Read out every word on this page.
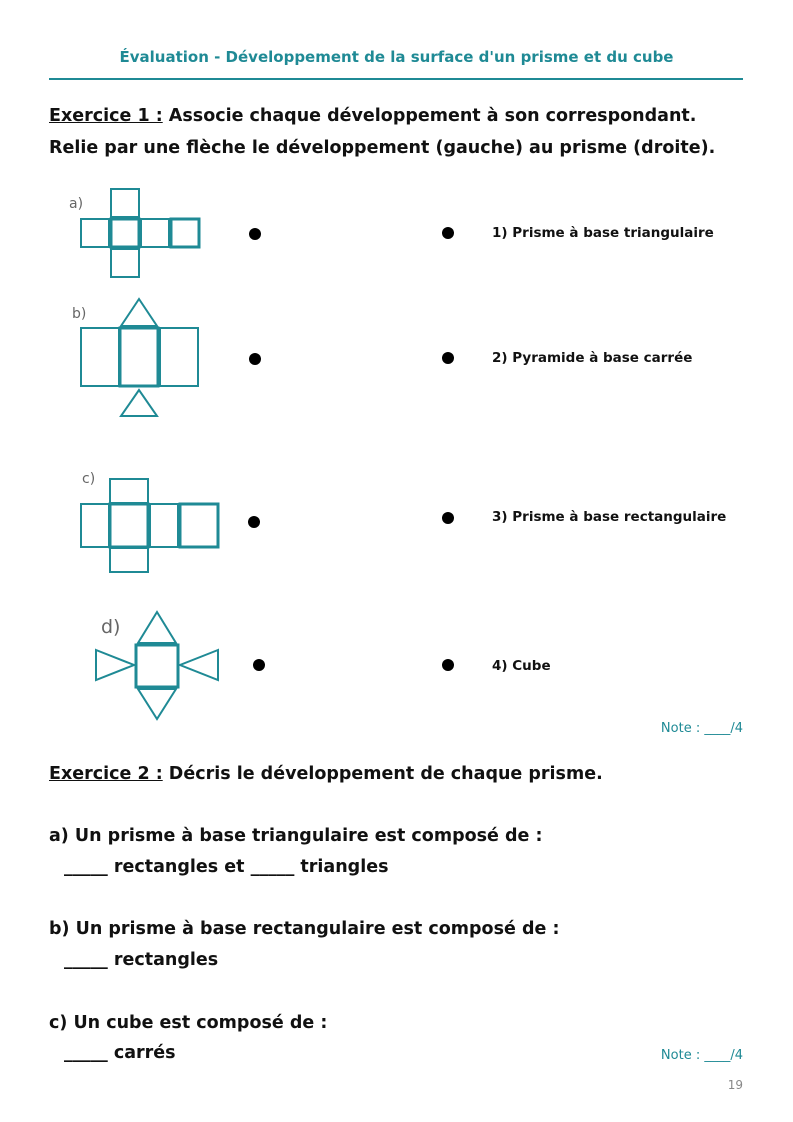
Évaluation - Développement de la surface d'un prisme et du cube
Exercice 1 : Associe chaque développement à son correspondant.
Relie par une flèche le développement (gauche) au prisme (droite).
a)
b)
c)
d)
1) Prisme à base triangulaire
2) Pyramide à base carrée
3) Prisme à base rectangulaire
4) Cube
Note : ____/4
Exercice 2 : Décris le développement de chaque prisme.
a) Un prisme à base triangulaire est composé de :
_____ rectangles et _____ triangles
b) Un prisme à base rectangulaire est composé de :
_____ rectangles
c) Un cube est composé de :
_____ carrés	Note : ____/4
19
